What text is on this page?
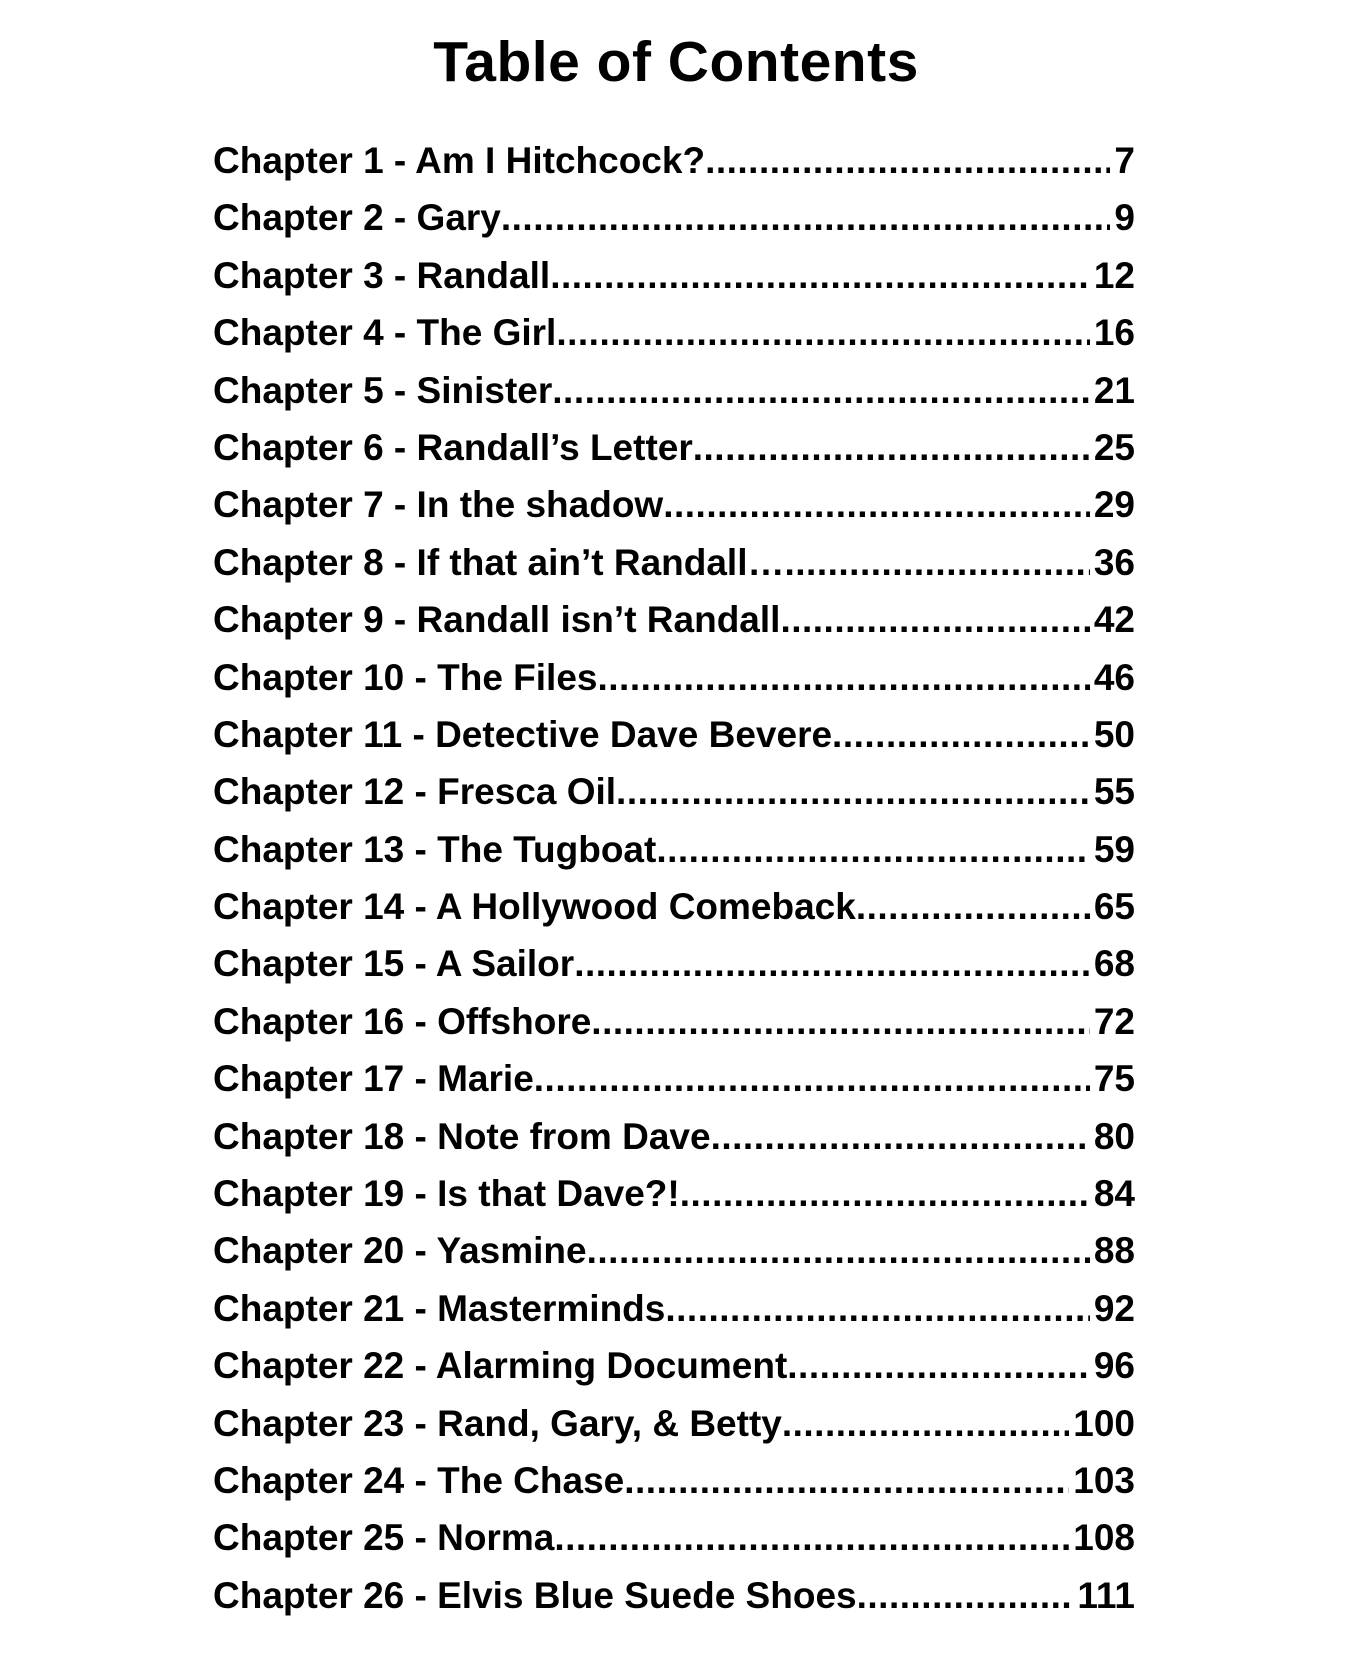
Table of Contents
Chapter 1 - Am I Hitchcock? .....	7
Chapter 2 - Gary .....	9
Chapter 3 - Randall .....	12
Chapter 4 - The Girl .....	16
Chapter 5 - Sinister .....	21
Chapter 6 - Randall’s Letter .....	25
Chapter 7 - In the shadow .....	29
Chapter 8 - If that ain’t Randall… .....	36
Chapter 9 - Randall isn’t Randall .....	42
Chapter 10 - The Files .....	46
Chapter 11 - Detective Dave Bevere .....	50
Chapter 12 - Fresca Oil .....	55
Chapter 13 - The Tugboat .....	59
Chapter 14 - A Hollywood Comeback .....	65
Chapter 15 - A Sailor .....	68
Chapter 16 - Offshore .....	72
Chapter 17 - Marie .....	75
Chapter 18 - Note from Dave .....	80
Chapter 19 - Is that Dave?! .....	84
Chapter 20 - Yasmine .....	88
Chapter 21 - Masterminds .....	92
Chapter 22 - Alarming Document .....	96
Chapter 23 - Rand, Gary, & Betty .....	100
Chapter 24 - The Chase .....	103
Chapter 25 - Norma .....	108
Chapter 26 - Elvis Blue Suede Shoes .....	111
